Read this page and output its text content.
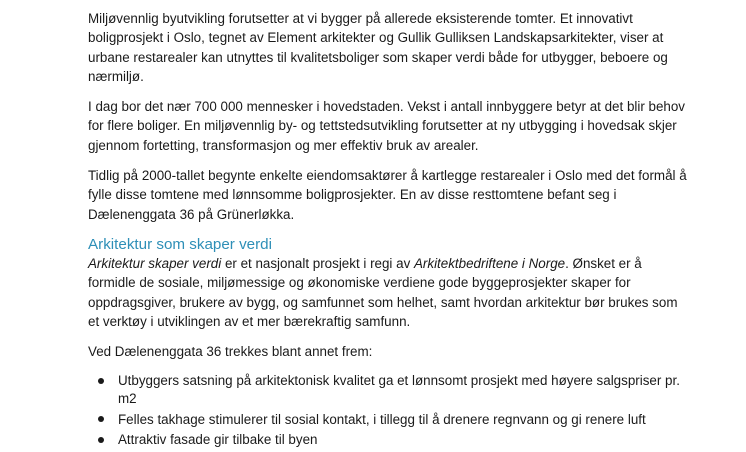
Miljøvennlig byutvikling forutsetter at vi bygger på allerede eksisterende tomter. Et innovativt boligprosjekt i Oslo, tegnet av Element arkitekter og Gullik Gulliksen Landskapsarkitekter, viser at urbane restarealer kan utnyttes til kvalitetsboliger som skaper verdi både for utbygger, beboere og nærmiljø.

I dag bor det nær 700 000 mennesker i hovedstaden. Vekst i antall innbyggere betyr at det blir behov for flere boliger. En miljøvennlig by- og tettstedsutvikling forutsetter at ny utbygging i hovedsak skjer gjennom fortetting, transformasjon og mer effektiv bruk av arealer.

Tidlig på 2000-tallet begynte enkelte eiendomsaktører å kartlegge restarealer i Oslo med det formål å fylle disse tomtene med lønnsomme boligprosjekter. En av disse resttomtene befant seg i Dælenenggata 36 på Grünerløkka.

Arkitektur som skaper verdi

Arkitektur skaper verdi er et nasjonalt prosjekt i regi av Arkitektbedriftene i Norge. Ønsket er å formidle de sosiale, miljømessige og økonomiske verdiene gode byggeprosjekter skaper for oppdragsgiver, brukere av bygg, og samfunnet som helhet, samt hvordan arkitektur bør brukes som et verktøy i utviklingen av et mer bærekraftig samfunn.

Ved Dælenenggata 36 trekkes blant annet frem:

Utbyggers satsning på arkitektonisk kvalitet ga et lønnsomt prosjekt med høyere salgspriser pr. m2
Felles takhage stimulerer til sosial kontakt, i tillegg til å drenere regnvann og gi renere luft
Attraktiv fasade gir tilbake til byen
